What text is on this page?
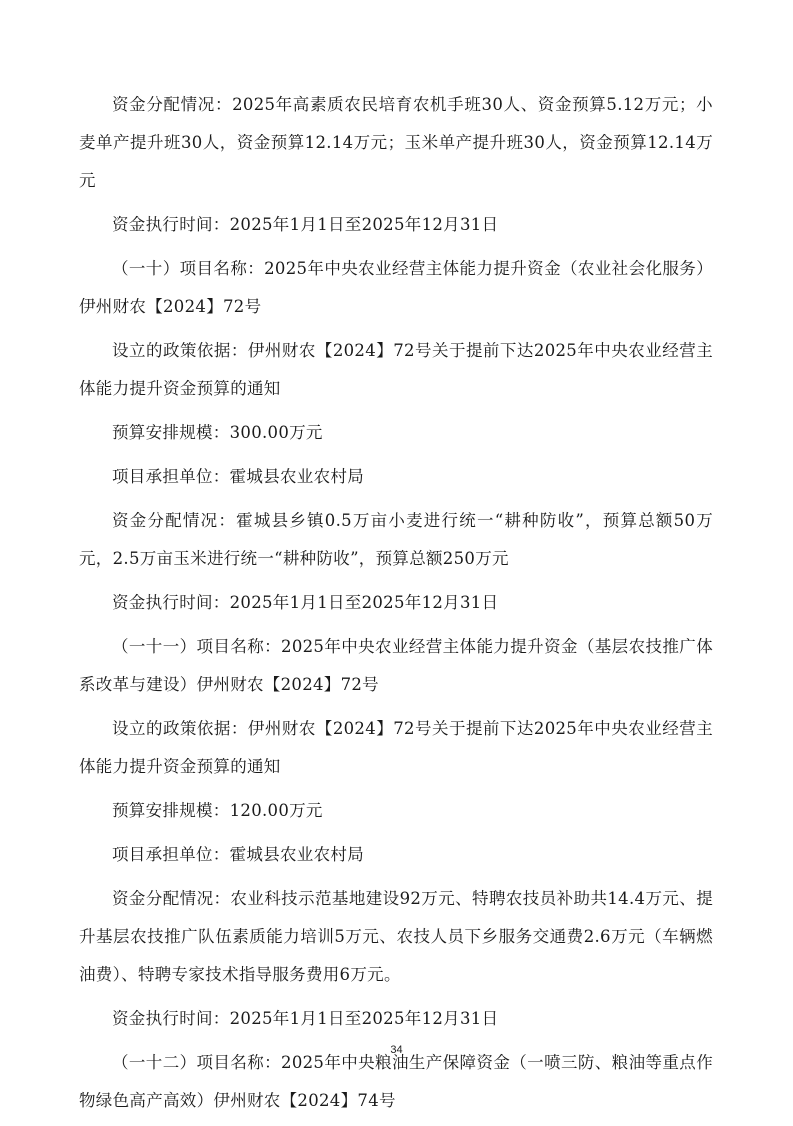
资金分配情况：2025年高素质农民培育农机手班30人、资金预算5.12万元；小麦单产提升班30人，资金预算12.14万元；玉米单产提升班30人，资金预算12.14万元

资金执行时间：2025年1月1日至2025年12月31日

（一十）项目名称：2025年中央农业经营主体能力提升资金（农业社会化服务）伊州财农【2024】72号

设立的政策依据：伊州财农【2024】72号关于提前下达2025年中央农业经营主体能力提升资金预算的通知

预算安排规模：300.00万元

项目承担单位：霍城县农业农村局

资金分配情况：霍城县乡镇0.5万亩小麦进行统一“耕种防收”，预算总额50万元，2.5万亩玉米进行统一“耕种防收”，预算总额250万元

资金执行时间：2025年1月1日至2025年12月31日

（一十一）项目名称：2025年中央农业经营主体能力提升资金（基层农技推广体系改革与建设）伊州财农【2024】72号

设立的政策依据：伊州财农【2024】72号关于提前下达2025年中央农业经营主体能力提升资金预算的通知

预算安排规模：120.00万元

项目承担单位：霍城县农业农村局

资金分配情况：农业科技示范基地建设92万元、特聘农技员补助共14.4万元、提升基层农技推广队伍素质能力培训5万元、农技人员下乡服务交通费2.6万元（车辆燃油费）、特聘专家技术指导服务费用6万元。

资金执行时间：2025年1月1日至2025年12月31日

（一十二）项目名称：2025年中央粮油生产保障资金（一喷三防、粮油等重点作物绿色高产高效）伊州财农【2024】74号

34
